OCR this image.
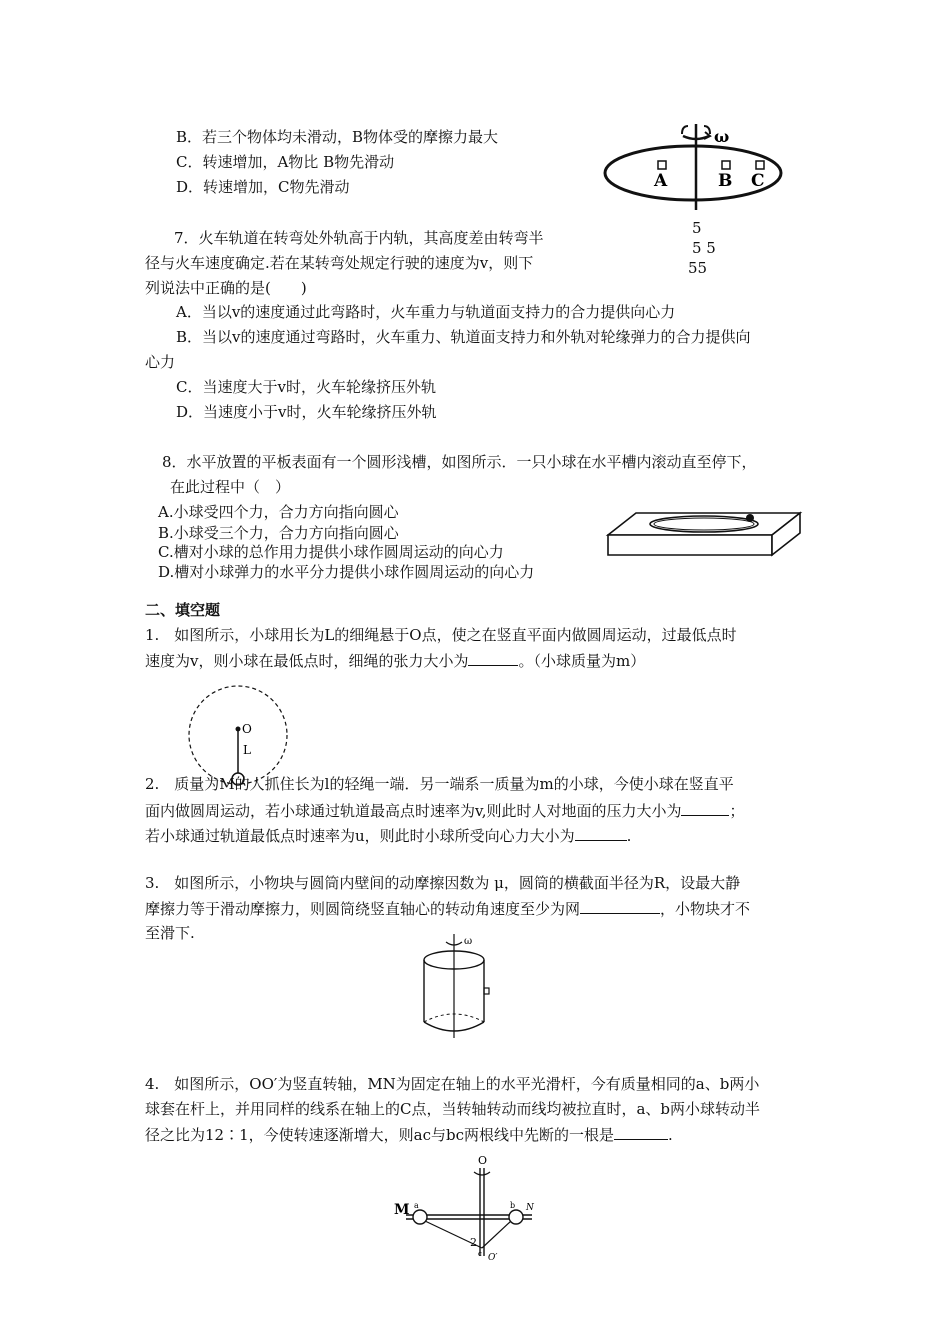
B．若三个物体均未滑动，B物体受的摩擦力最大
C．转速增加，A物比 B物先滑动
D．转速增加，C物先滑动
ω
A	B C
5
5 5
55
7．火车轨道在转弯处外轨高于内轨，其高度差由转弯半
径与火车速度确定.若在某转弯处规定行驶的速度为v，则下
列说法中正确的是(　　)
A．当以v的速度通过此弯路时，火车重力与轨道面支持力的合力提供向心力
B．当以v的速度通过弯路时，火车重力、轨道面支持力和外轨对轮缘弹力的合力提供向
心力
C．当速度大于v时，火车轮缘挤压外轨
D．当速度小于v时，火车轮缘挤压外轨
8．水平放置的平板表面有一个圆形浅槽，如图所示．一只小球在水平槽内滚动直至停下，
在此过程中（　）
A.小球受四个力，合力方向指向圆心
B.小球受三个力，合力方向指向圆心
C.槽对小球的总作用力提供小球作圆周运动的向心力
D.槽对小球弹力的水平分力提供小球作圆周运动的向心力
二、填空题
1.　如图所示，小球用长为L的细绳悬于O点，使之在竖直平面内做圆周运动，过最低点时
速度为v，则小球在最低点时，细绳的张力大小为	。（小球质量为m）
O
L
2.　质量为M的人抓住长为l的轻绳一端．另一端系一质量为m的小球，今使小球在竖直平
面内做圆周运动，若小球通过轨道最高点时速率为v,则此时人对地面的压力大小为	；
若小球通过轨道最低点时速率为u，则此时小球所受向心力大小为	.
3.　如图所示，小物块与圆筒内壁间的动摩擦因数为 μ，圆筒的横截面半径为R，设最大静
摩擦力等于滑动摩擦力，则圆筒绕竖直轴心的转动角速度至少为网	，小物块才不
至滑下.	ω
4.　如图所示，OO′为竖直转轴，MN为固定在轴上的水平光滑杆，今有质量相同的a、b两小
球套在杆上，并用同样的线系在轴上的C点，当转轴转动而线均被拉直时，a、b两小球转动半
径之比为12∶1，今使转速逐渐增大，则ac与bc两根线中先断的一根是	.
O
M a	b N
2
c O′
